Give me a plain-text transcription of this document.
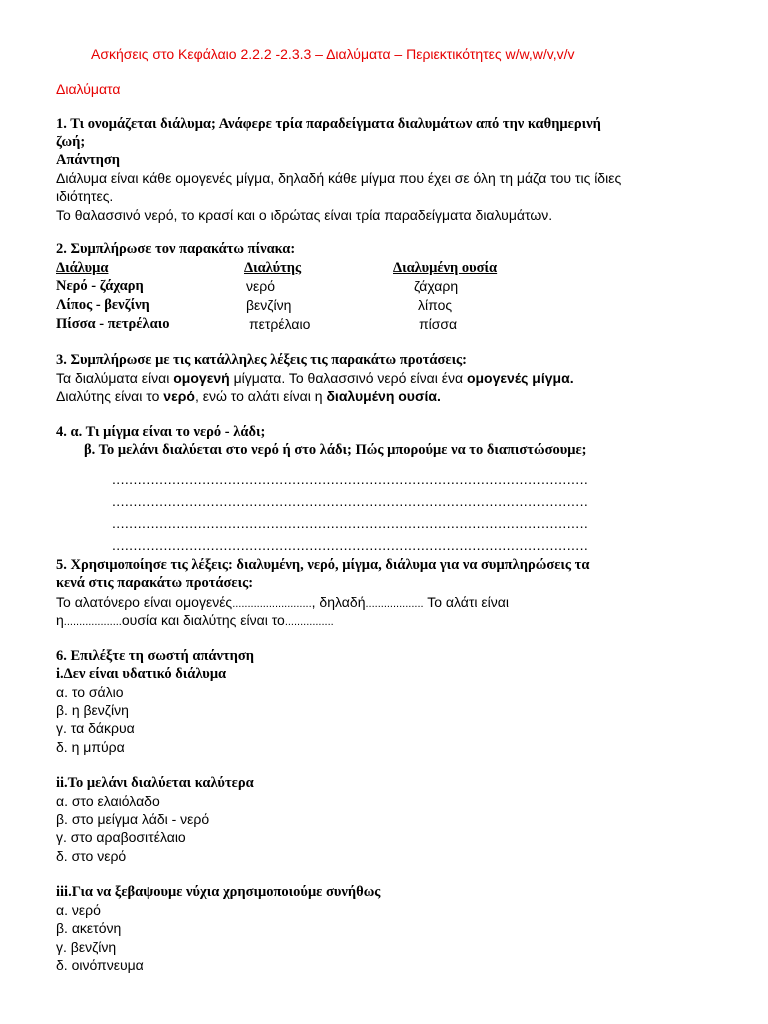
Ασκήσεις στο Κεφάλαιο 2.2.2 -2.3.3 – Διαλύματα – Περιεκτικότητες w/w,w/v,v/v
Διαλύματα
1. Τι ονομάζεται διάλυμα; Ανάφερε τρία παραδείγματα διαλυμάτων από την καθημερινή
ζωή;
Απάντηση
Διάλυμα είναι κάθε ομογενές μίγμα, δηλαδή κάθε μίγμα που έχει σε όλη τη μάζα του τις ίδιες
ιδιότητες.
Το θαλασσινό νερό, το κρασί και ο ιδρώτας είναι τρία παραδείγματα διαλυμάτων.
2. Συμπλήρωσε τον παρακάτω πίνακα:
Διάλυμα	Διαλύτης	Διαλυμένη ουσία
Νερό - ζάχαρη	νερό	ζάχαρη
Λίπος - βενζίνη	βενζίνη	λίπος
Πίσσα - πετρέλαιο	πετρέλαιο	πίσσα
3. Συμπλήρωσε με τις κατάλληλες λέξεις τις παρακάτω προτάσεις:
Τα διαλύματα είναι ομογενή μίγματα. Το θαλασσινό νερό είναι ένα ομογενές μίγμα.
Διαλύτης είναι το νερό, ενώ το αλάτι είναι η διαλυμένη ουσία.
4. α. Τι μίγμα είναι το νερό - λάδι;
β. Το μελάνι διαλύεται στο νερό ή στο λάδι; Πώς μπορούμε να το διαπιστώσουμε;
...............................................................................................................
...............................................................................................................
...............................................................................................................
...............................................................................................................
5. Χρησιμοποίησε τις λέξεις: διαλυμένη, νερό, μίγμα, διάλυμα για να συμπληρώσεις τα
κενά στις παρακάτω προτάσεις:
Το αλατόνερο είναι ομογενές.........................., δηλαδή................... Το αλάτι είναι
η...................ουσία και διαλύτης είναι το................
6. Επιλέξτε τη σωστή απάντηση
i.Δεν είναι υδατικό διάλυμα
α. το σάλιο
β. η βενζίνη
γ. τα δάκρυα
δ. η μπύρα
ii.Το μελάνι διαλύεται καλύτερα
α. στο ελαιόλαδο
β. στο μείγμα λάδι - νερό
γ. στο αραβοσιτέλαιο
δ. στο νερό
iii.Για να ξεβαψουμε νύχια χρησιμοποιούμε συνήθως
α. νερό
β. ακετόνη
γ. βενζίνη
δ. οινόπνευμα
